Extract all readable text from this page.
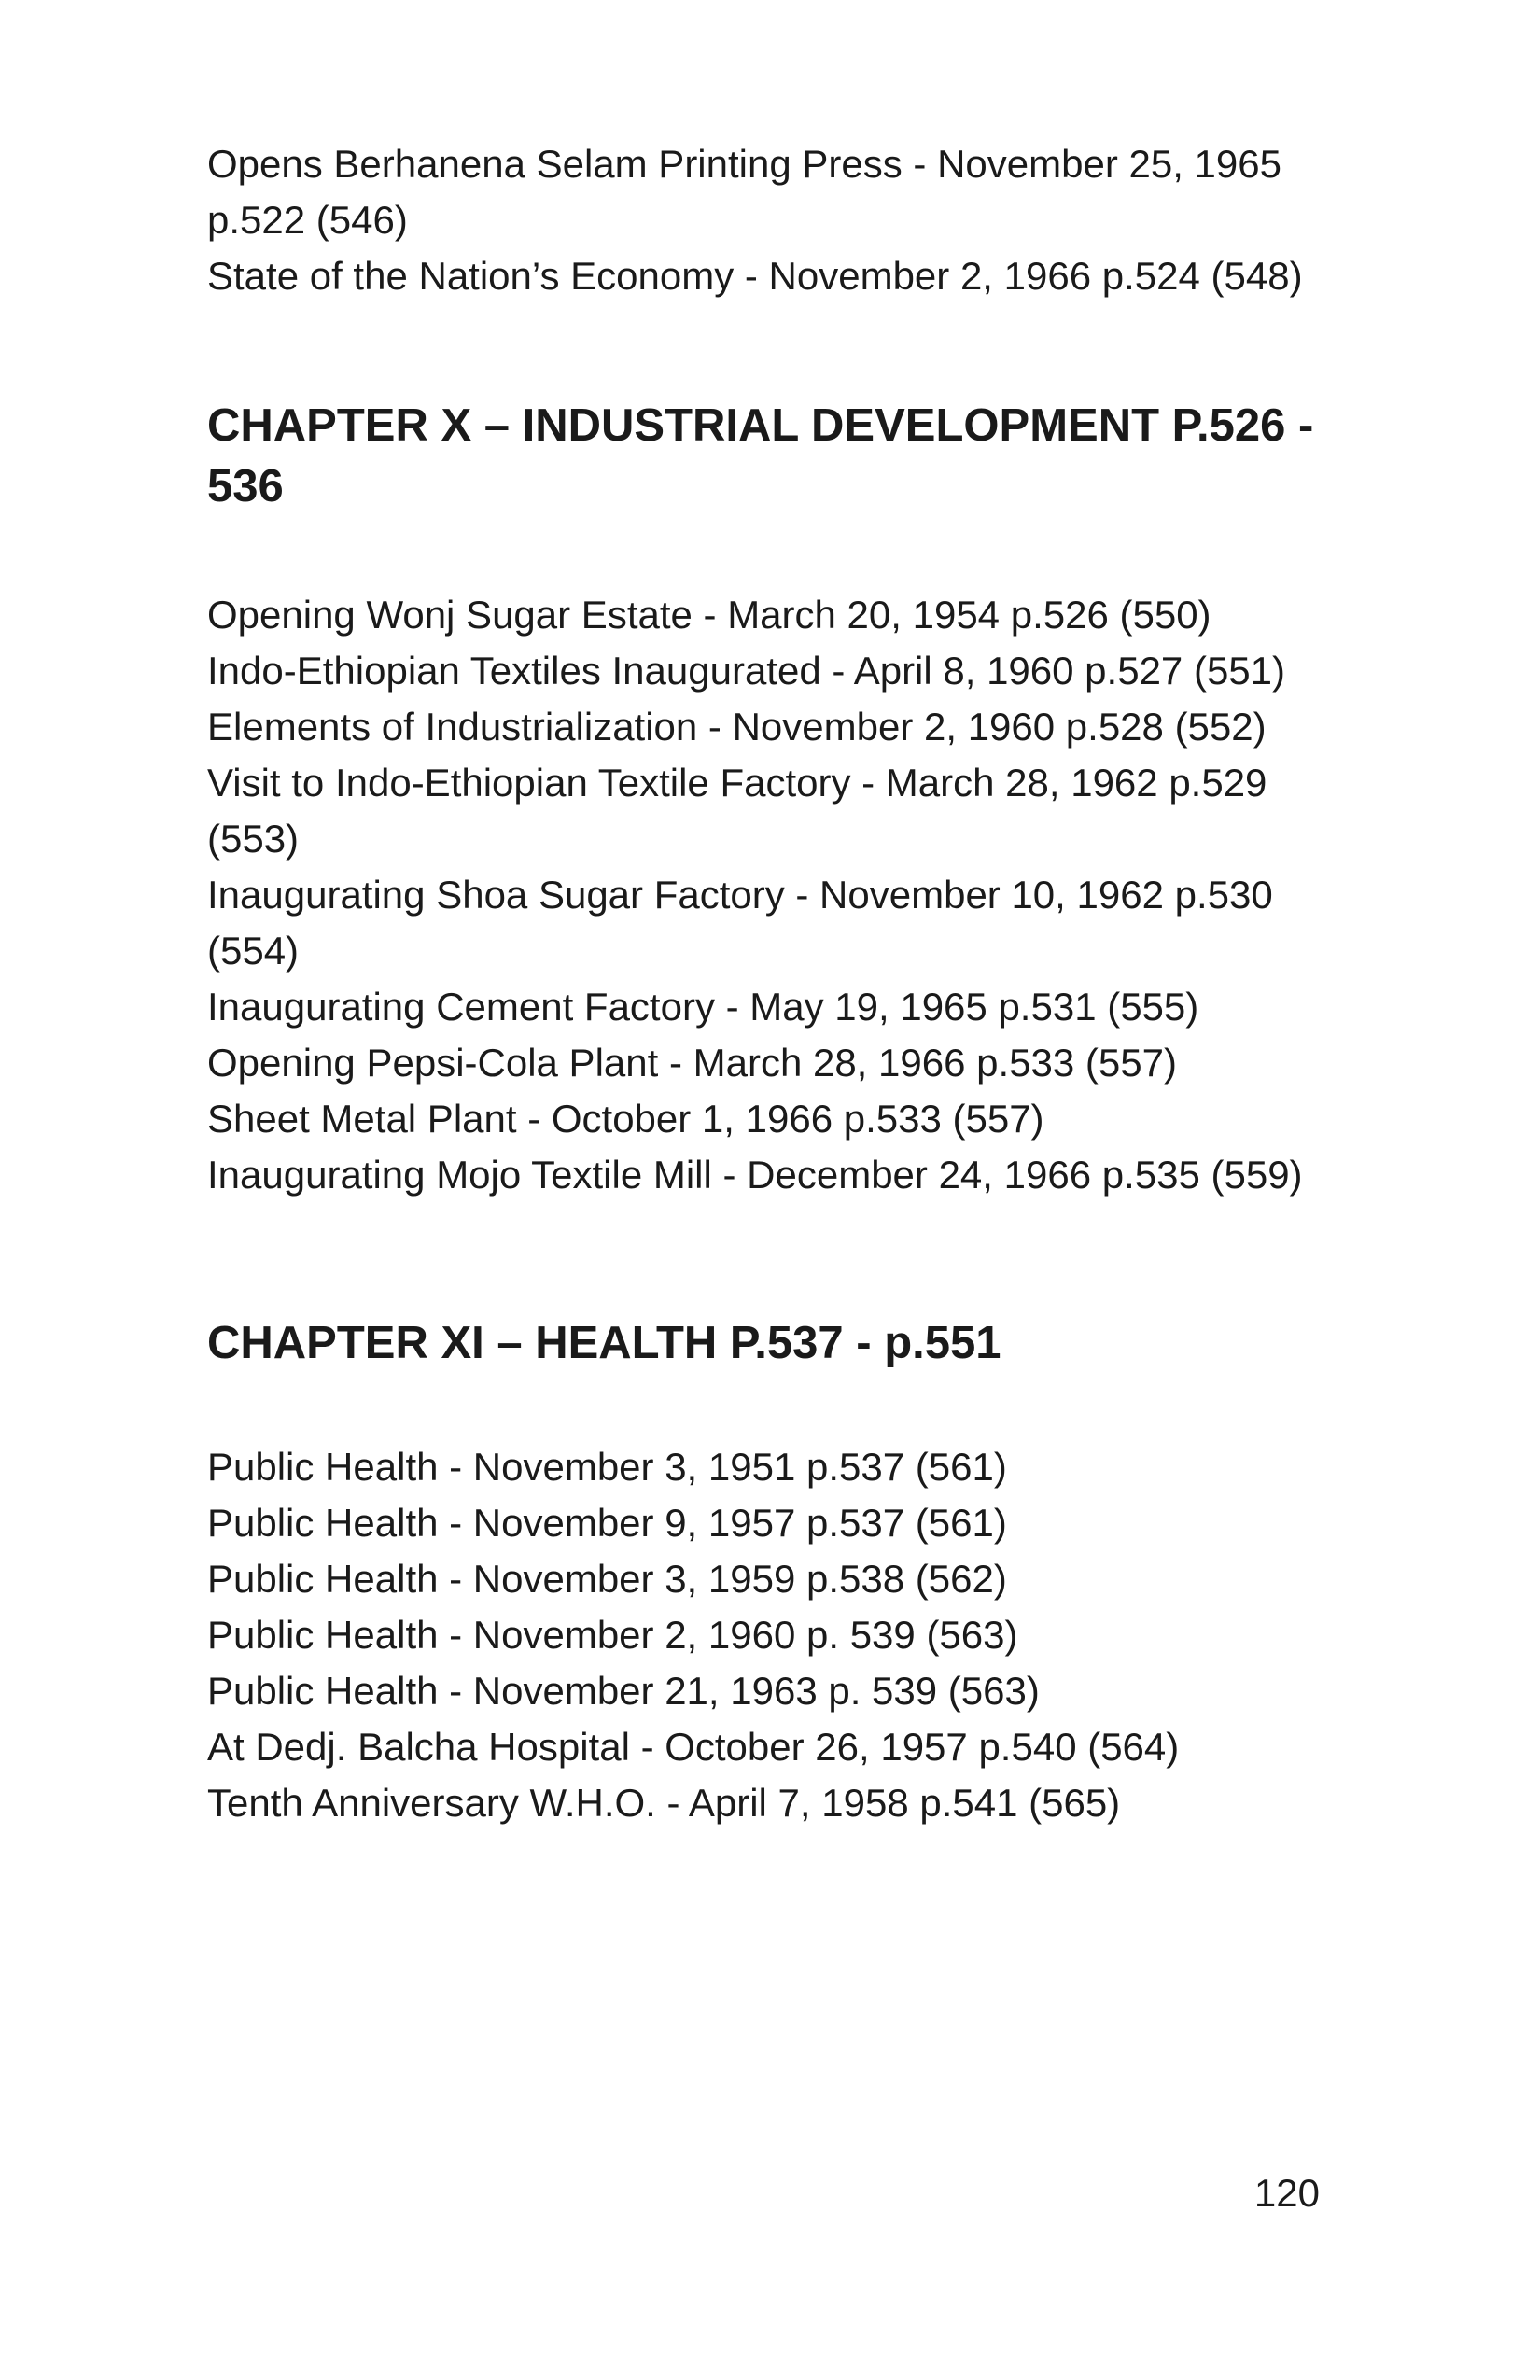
Opens Berhanena Selam Printing Press - November 25, 1965 p.522 (546)

State of the Nation’s Economy - November 2, 1966 p.524 (548)

CHAPTER X – INDUSTRIAL DEVELOPMENT P.526 - 536

Opening Wonj Sugar Estate - March 20, 1954 p.526 (550)

Indo-Ethiopian Textiles Inaugurated - April 8, 1960 p.527 (551)

Elements of Industrialization - November 2, 1960 p.528 (552)

Visit to Indo-Ethiopian Textile Factory - March 28, 1962 p.529 (553)

Inaugurating Shoa Sugar Factory - November 10, 1962 p.530 (554)

Inaugurating Cement Factory - May 19, 1965 p.531 (555)

Opening Pepsi-Cola Plant - March 28, 1966 p.533 (557)

Sheet Metal Plant - October 1, 1966 p.533 (557)

Inaugurating Mojo Textile Mill - December 24, 1966 p.535 (559)

CHAPTER XI – HEALTH P.537 - p.551

Public Health - November 3, 1951 p.537 (561)

Public Health - November 9, 1957 p.537 (561)

Public Health - November 3, 1959 p.538 (562)

Public Health - November 2, 1960 p. 539 (563)

Public Health - November 21, 1963 p. 539 (563)

At Dedj. Balcha Hospital - October 26, 1957 p.540 (564)

Tenth Anniversary W.H.O. - April 7, 1958 p.541 (565)

120
